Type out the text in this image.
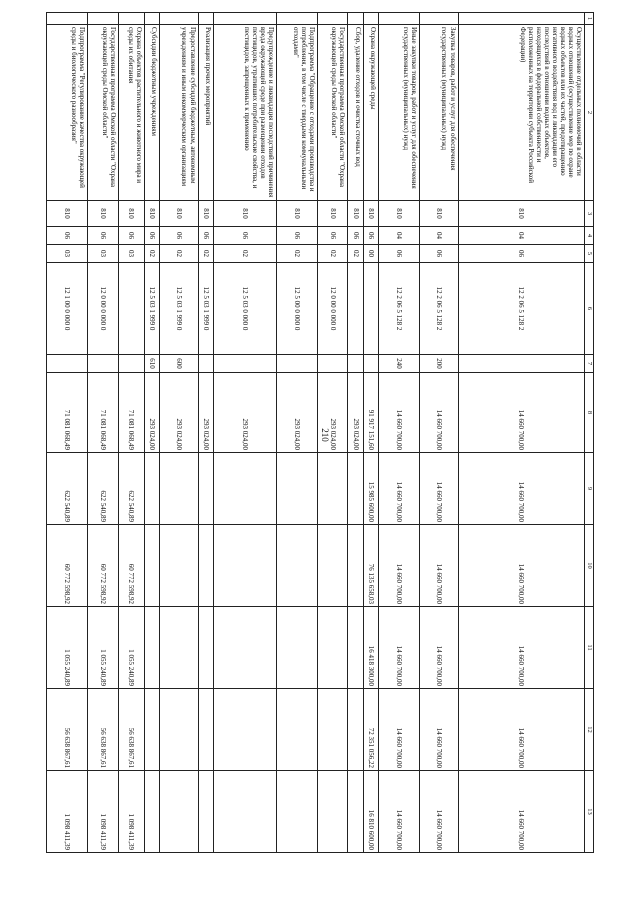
210
1	2	3	4	5	6	7	8	9	10	11	12	13
	Осуществление отдельных полномочий в области водных отношений (осуществление мер по охране водных объектов или их частей, предотвращению негативного воздействия вод и ликвидации его последствий в отношении водных объектов, находящихся в федеральной собственности и расположенных на территории субъекта Российской Федерации)	810	04	06	12 2 06 5 128 2		14 660 700,00	14 660 700,00	14 660 700,00	14 660 700,00	14 660 700,00	14 660 700,00
	Закупка товаров, работ и услуг для обеспечения государственных (муниципальных) нужд	810	04	06	12 2 06 5 128 2	200	14 660 700,00	14 660 700,00	14 660 700,00	14 660 700,00	14 660 700,00	14 660 700,00
	Иные закупки товаров, работ и услуг для обеспечения государственных (муниципальных) нужд	810	04	06	12 2 06 5 128 2	240	14 660 700,00	14 660 700,00	14 660 700,00	14 660 700,00	14 660 700,00	14 660 700,00
	Охрана окружающей среды	810	06	00			91 917 151,60	15 985 600,00	76 135 658,03	16 418 300,00	72 351 056,22	16 810 600,00
	Сбор, удаление отходов и очистка сточных вод	810	06	02			293 024,00					
	Государственная программа Омской области "Охрана окружающей среды Омской области"	810	06	02	12 0 00 0 000 0		293 024,00					
	Подпрограмма "Обращение с отходами производства и потребления, в том числе с твердыми коммунальными отходами"	810	06	02	12 5 00 0 000 0		293 024,00					
	Предупреждение и ликвидация последствий причинения вреда окружающей среде при размещении отходов пестицидов, утративших потребительские свойства, и пестицидов, запрещенных к применению	810	06	02	12 5 03 0 000 0		293 024,00					
	Реализация прочих мероприятий	810	06	02	12 5 03 1 999 0		293 024,00					
	Предоставление субсидий бюджетным, автономным учреждениям и иным некоммерческим организациям	810	06	02	12 5 03 1 999 0	600	293 024,00					
	Субсидии бюджетным учреждениям	810	06	02	12 5 03 1 999 0	610	293 024,00					
	Охрана объектов растительного и животного мира и среды их обитания	810	06	03			71 081 068,49	622 540,89	60 772 598,92	1 055 240,89	56 638 867,61	1 098 411,39
	Государственная программа Омской области "Охрана окружающей среды Омской области"	810	06	03	12 0 00 0 000 0		71 081 068,49	622 540,89	60 772 598,92	1 055 240,89	56 638 867,61	1 098 411,39
	Подпрограмма "Регулирование качества окружающей среды и биологического разнообразия"	810	06	03	12 1 00 0 000 0		71 081 068,49	622 540,89	60 772 598,92	1 055 240,89	56 638 867,61	1 098 411,39
